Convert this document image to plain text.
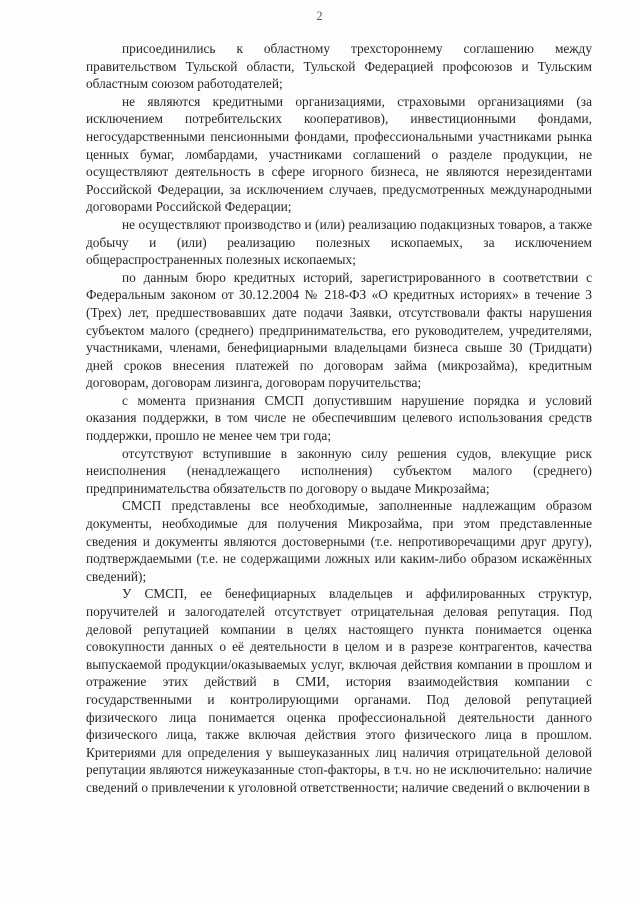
2

присоединились к областному трехстороннему соглашению между правительством Тульской области, Тульской Федерацией профсоюзов и Тульским областным союзом работодателей;

не являются кредитными организациями, страховыми организациями (за исключением потребительских кооперативов), инвестиционными фондами, негосударственными пенсионными фондами, профессиональными участниками рынка ценных бумаг, ломбардами, участниками соглашений о разделе продукции, не осуществляют деятельность в сфере игорного бизнеса, не являются нерезидентами Российской Федерации, за исключением случаев, предусмотренных международными договорами Российской Федерации;

не осуществляют производство и (или) реализацию подакцизных товаров, а также добычу и (или) реализацию полезных ископаемых, за исключением общераспространенных полезных ископаемых;

по данным бюро кредитных историй, зарегистрированного в соответствии с Федеральным законом от 30.12.2004 № 218-ФЗ «О кредитных историях» в течение 3 (Трех) лет, предшествовавших дате подачи Заявки, отсутствовали факты нарушения субъектом малого (среднего) предпринимательства, его руководителем, учредителями, участниками, членами, бенефициарными владельцами бизнеса свыше 30 (Тридцати) дней сроков внесения платежей по договорам займа (микрозайма), кредитным договорам, договорам лизинга, договорам поручительства;

с момента признания СМСП допустившим нарушение порядка и условий оказания поддержки, в том числе не обеспечившим целевого использования средств поддержки, прошло не менее чем три года;

отсутствуют вступившие в законную силу решения судов, влекущие риск неисполнения (ненадлежащего исполнения) субъектом малого (среднего) предпринимательства обязательств по договору о выдаче Микрозайма;

СМСП представлены все необходимые, заполненные надлежащим образом документы, необходимые для получения Микрозайма, при этом представленные сведения и документы являются достоверными (т.е. непротиворечащими друг другу), подтверждаемыми (т.е. не содержащими ложных или каким-либо образом искажённых сведений);

У СМСП, ее бенефициарных владельцев и аффилированных структур, поручителей и залогодателей отсутствует отрицательная деловая репутация. Под деловой репутацией компании в целях настоящего пункта понимается оценка совокупности данных о её деятельности в целом и в разрезе контрагентов, качества выпускаемой продукции/оказываемых услуг, включая действия компании в прошлом и отражение этих действий в СМИ, история взаимодействия компании с государственными и контролирующими органами. Под деловой репутацией физического лица понимается оценка профессиональной деятельности данного физического лица, также включая действия этого физического лица в прошлом. Критериями для определения у вышеуказанных лиц наличия отрицательной деловой репутации являются нижеуказанные стоп-факторы, в т.ч. но не исключительно: наличие сведений о привлечении к уголовной ответственности; наличие сведений о включении в
